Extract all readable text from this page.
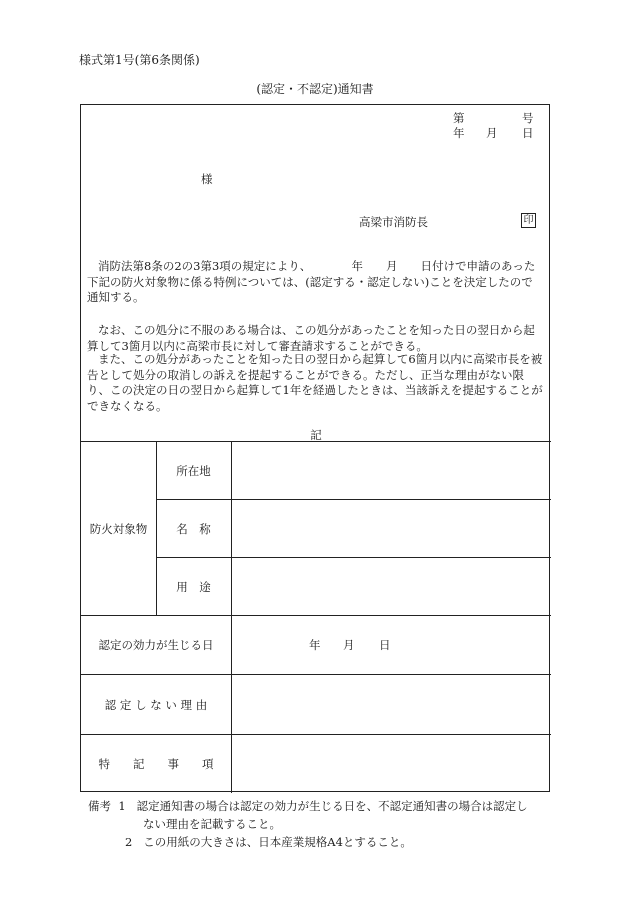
様式第1号(第6条関係)
(認定・不認定)通知書
第	号
年 月 日
様
高梁市消防長	印
消防法第8条の2の3第3項の規定により、　　　　年　　月　　日付けで申請のあった
下記の防火対象物に係る特例については、(認定する・認定しない)ことを決定したので
通知する。
なお、この処分に不服のある場合は、この処分があったことを知った日の翌日から起
算して3箇月以内に高梁市長に対して審査請求することができる。
また、この処分があったことを知った日の翌日から起算して6箇月以内に高梁市長を被
告として処分の取消しの訴えを提起することができる。ただし、正当な理由がない限
り、この決定の日の翌日から起算して1年を経過したときは、当該訴えを提起することが
できなくなる。
記
防火対象物
所在地
名　称
用　途
認定の効力が生じる日	年 月 日
認 定 し な い 理 由
特　　記　　事　　項
備考 1 認定通知書の場合は認定の効力が生じる日を、不認定通知書の場合は認定し
ない理由を記載すること。
2 この用紙の大きさは、日本産業規格A4とすること。
